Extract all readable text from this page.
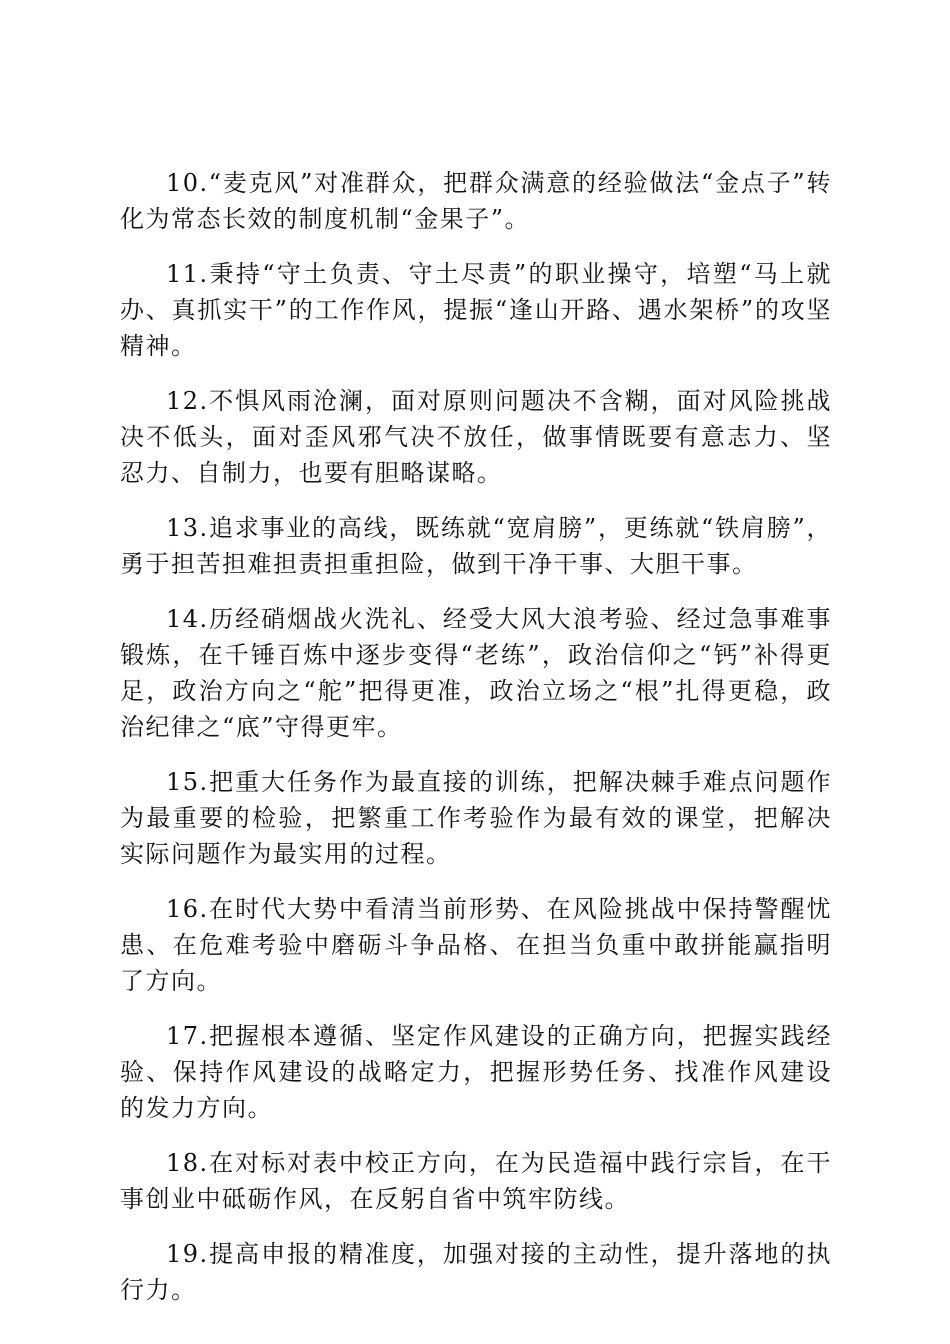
10.“麦克风”对准群众，把群众满意的经验做法“金点子”转化为常态长效的制度机制“金果子”。

11.秉持“守土负责、守土尽责”的职业操守，培塑“马上就办、真抓实干”的工作作风，提振“逢山开路、遇水架桥”的攻坚精神。

12.不惧风雨沧澜，面对原则问题决不含糊，面对风险挑战决不低头，面对歪风邪气决不放任，做事情既要有意志力、坚忍力、自制力，也要有胆略谋略。

13.追求事业的高线，既练就“宽肩膀”，更练就“铁肩膀”，勇于担苦担难担责担重担险，做到干净干事、大胆干事。

14.历经硝烟战火洗礼、经受大风大浪考验、经过急事难事锻炼，在千锤百炼中逐步变得“老练”，政治信仰之“钙”补得更足，政治方向之“舵”把得更准，政治立场之“根”扎得更稳，政治纪律之“底”守得更牢。

15.把重大任务作为最直接的训练，把解决棘手难点问题作为最重要的检验，把繁重工作考验作为最有效的课堂，把解决实际问题作为最实用的过程。

16.在时代大势中看清当前形势、在风险挑战中保持警醒忧患、在危难考验中磨砺斗争品格、在担当负重中敢拼能赢指明了方向。

17.把握根本遵循、坚定作风建设的正确方向，把握实践经验、保持作风建设的战略定力，把握形势任务、找准作风建设的发力方向。

18.在对标对表中校正方向，在为民造福中践行宗旨，在干事创业中砥砺作风，在反躬自省中筑牢防线。

19.提高申报的精准度，加强对接的主动性，提升落地的执行力。
